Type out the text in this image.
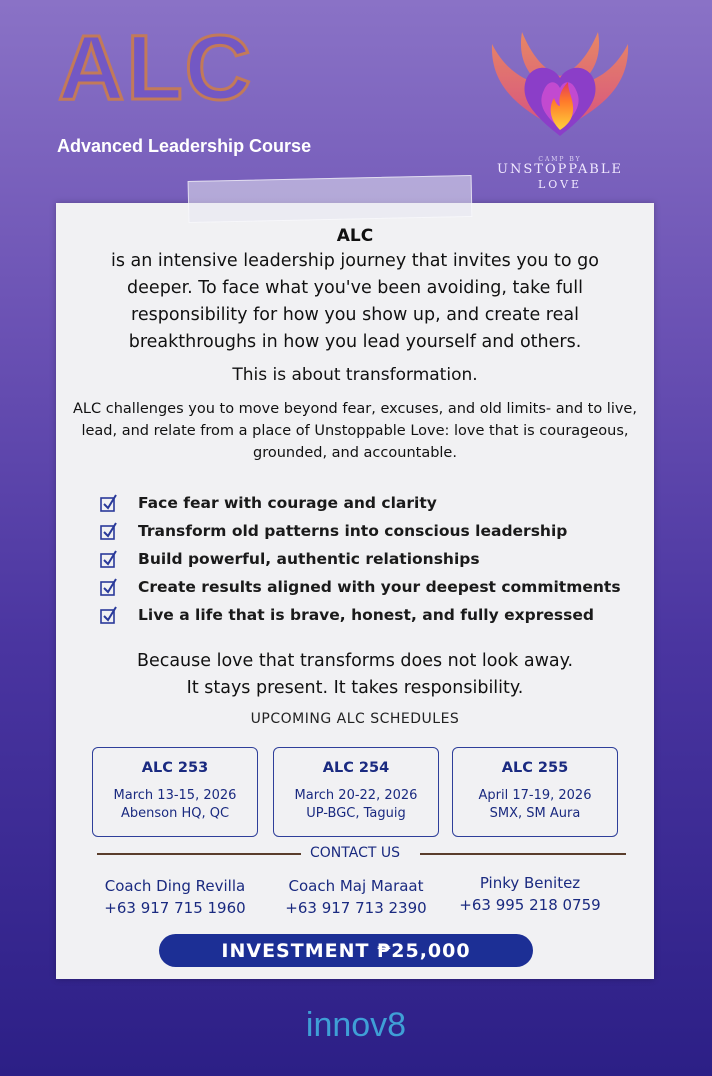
ALC
Advanced Leadership Course
CAMP BY
UNSTOPPABLE
LOVE
ALC
is an intensive leadership journey that invites you to go deeper. To face what you've been avoiding, take full responsibility for how you show up, and create real breakthroughs in how you lead yourself and others.
This is about transformation.
ALC challenges you to move beyond fear, excuses, and old limits- and to live, lead, and relate from a place of Unstoppable Love: love that is courageous, grounded, and accountable.
Face fear with courage and clarity
Transform old patterns into conscious leadership
Build powerful, authentic relationships
Create results aligned with your deepest commitments
Live a life that is brave, honest, and fully expressed
Because love that transforms does not look away.
It stays present. It takes responsibility.
UPCOMING ALC SCHEDULES
ALC 253
March 13-15, 2026
Abenson HQ, QC
ALC 254
March 20-22, 2026
UP-BGC, Taguig
ALC 255
April 17-19, 2026
SMX, SM Aura
CONTACT US
Coach Ding Revilla
+63 917 715 1960
Coach Maj Maraat
+63 917 713 2390
Pinky Benitez
+63 995 218 0759
INVESTMENT ₱25,000
innov8
